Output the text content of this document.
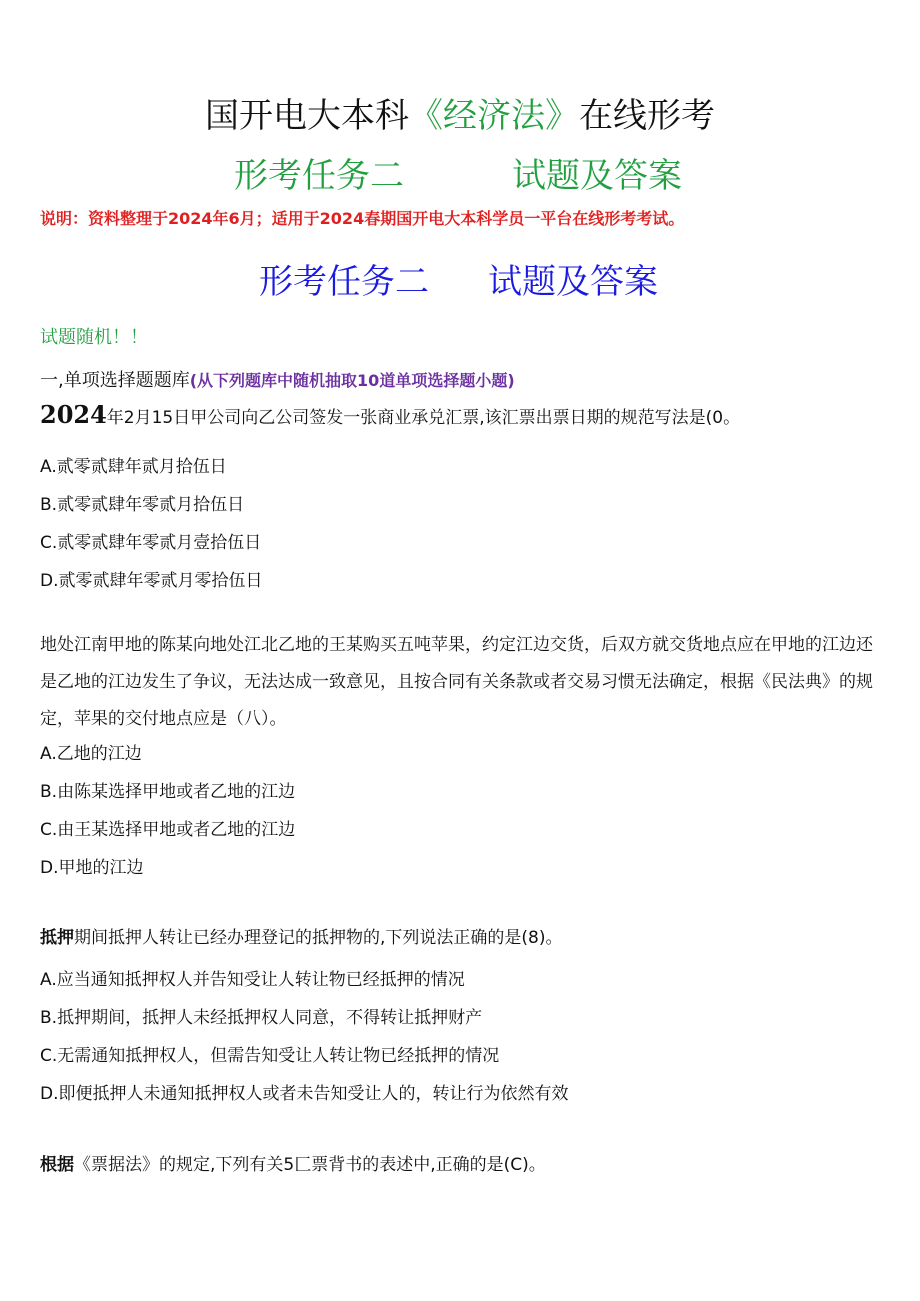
国开电大本科《经济法》在线形考
形考任务二	试题及答案
说明：资料整理于2024年6月；适用于2024春期国开电大本科学员一平台在线形考考试。
形考任务二 试题及答案
试题随机！！
一,单项选择题题库(从下列题库中随机抽取10道单项选择题小题)
2024年2月15日甲公司向乙公司签发一张商业承兑汇票,该汇票出票日期的规范写法是(0。
A.贰零贰肆年贰月拾伍日
B.贰零贰肆年零贰月拾伍日
C.贰零贰肆年零贰月壹拾伍日
D.贰零贰肆年零贰月零拾伍日
地处江南甲地的陈某向地处江北乙地的王某购买五吨苹果，约定江边交货，后双方就交货地点应在甲地的江边还是乙地的江边发生了争议，无法达成一致意见，且按合同有关条款或者交易习惯无法确定，根据《民法典》的规定，苹果的交付地点应是（八）。
A.乙地的江边
B.由陈某选择甲地或者乙地的江边
C.由王某选择甲地或者乙地的江边
D.甲地的江边
抵押期间抵押人转让已经办理登记的抵押物的,下列说法正确的是(8)。
A.应当通知抵押权人并告知受让人转让物已经抵押的情况
B.抵押期间，抵押人未经抵押权人同意，不得转让抵押财产
C.无需通知抵押权人，但需告知受让人转让物已经抵押的情况
D.即便抵押人未通知抵押权人或者未告知受让人的，转让行为依然有效
根据《票据法》的规定,下列有关5匚票背书的表述中,正确的是(C)。
